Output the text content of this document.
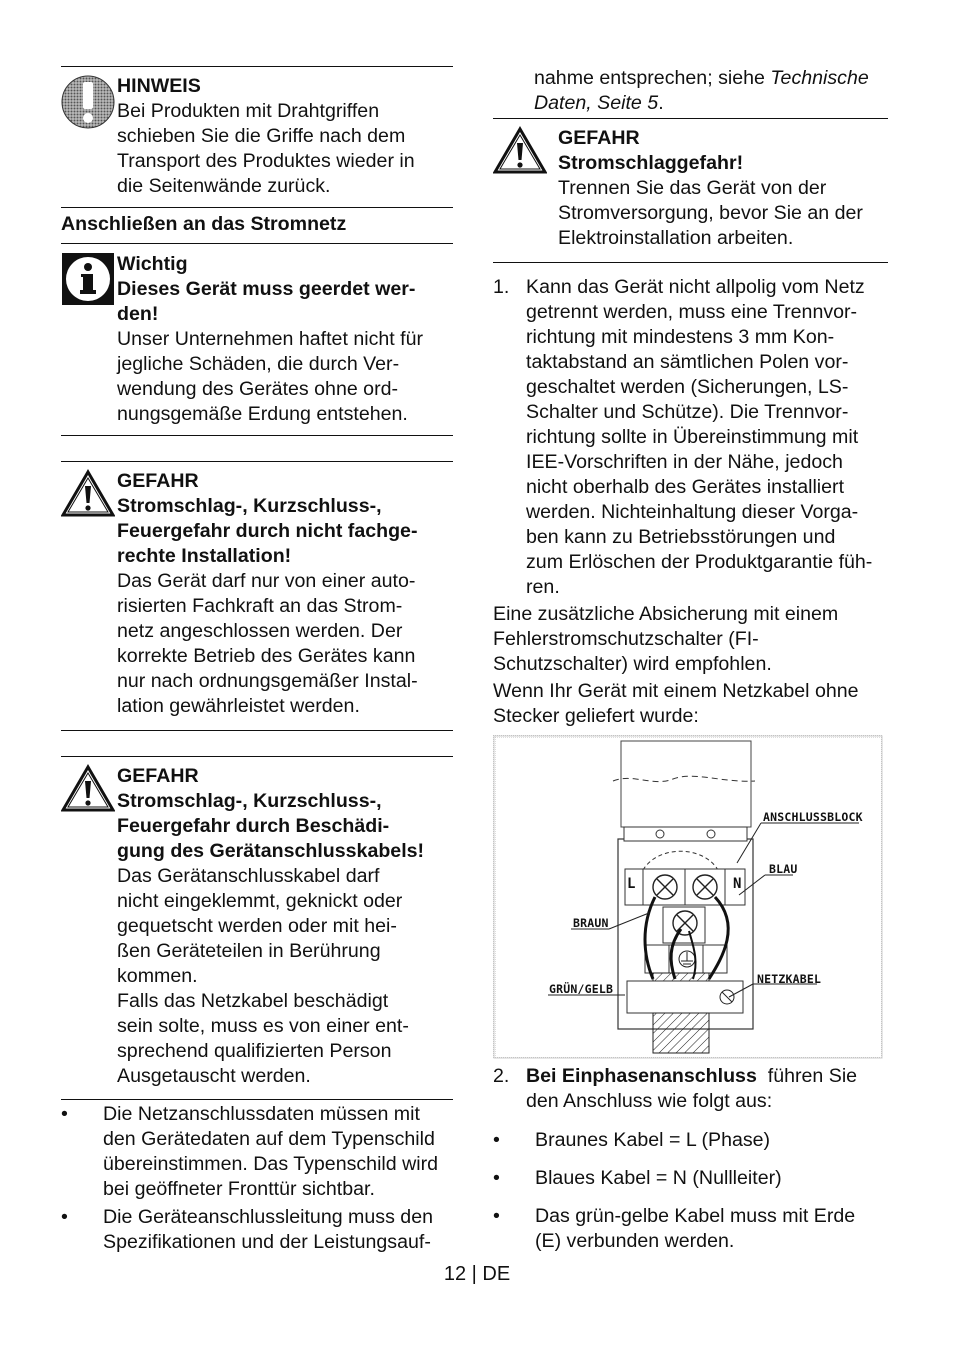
HINWEIS

Bei Produkten mit Drahtgriffen

schieben Sie die Griffe nach dem

Transport des Produktes wieder in

die Seitenwände zurück.

Anschließen an das Stromnetz

Wichtig

Dieses Gerät muss geerdet wer-

den!

Unser Unternehmen haftet nicht für

jegliche Schäden, die durch Ver-

wendung des Gerätes ohne ord-

nungsgemäße Erdung entstehen.

GEFAHR

Stromschlag-, Kurzschluss-,

Feuergefahr durch nicht fachge-

rechte Installation!

Das Gerät darf nur von einer auto-

risierten Fachkraft an das Strom-

netz angeschlossen werden. Der

korrekte Betrieb des Gerätes kann

nur nach ordnungsgemäßer Instal-

lation gewährleistet werden.

GEFAHR

Stromschlag-, Kurzschluss-,

Feuergefahr durch Beschädi-

gung des Gerätanschlusskabels!

Das Gerätanschlusskabel darf

nicht eingeklemmt, geknickt oder

gequetscht werden oder mit hei-

ßen Geräteteilen in Berührung

kommen.

Falls das Netzkabel beschädigt

sein solte, muss es von einer ent-

sprechend qualifizierten Person

Ausgetauscht werden.

•	Die Netzanschlussdaten müssen mit

den Gerätedaten auf dem Typenschild

übereinstimmen. Das Typenschild wird

bei geöffneter Fronttür sichtbar.

•	Die Geräteanschlussleitung muss den

Spezifikationen und der Leistungsauf-

nahme entsprechen; siehe Technische

Daten, Seite 5.

GEFAHR

Stromschlaggefahr!

Trennen Sie das Gerät von der

Stromversorgung, bevor Sie an der

Elektroinstallation arbeiten.

1. Kann das Gerät nicht allpolig vom Netz

getrennt werden, muss eine Trennvor-

richtung mit mindestens 3 mm Kon-

taktabstand an sämtlichen Polen vor-

geschaltet werden (Sicherungen, LS-

Schalter und Schütze). Die Trennvor-

richtung sollte in Übereinstimmung mit

IEE-Vorschriften in der Nähe, jedoch

nicht oberhalb des Gerätes installiert

werden. Nichteinhaltung dieser Vorga-

ben kann zu Betriebsstörungen und

zum Erlöschen der Produktgarantie füh-

ren.

Eine zusätzliche Absicherung mit einem

Fehlerstromschutzschalter (FI-

Schutzschalter) wird empfohlen.

Wenn Ihr Gerät mit einem Netzkabel ohne

Stecker geliefert wurde:

L	N
ANSCHLUSSBLOCK
BLAU
BRAUN
NETZKABEL
GRÜN/GELB
2. Bei Einphasenanschluss  führen Sie

den Anschluss wie folgt aus:

•	Braunes Kabel = L (Phase)

•	Blaues Kabel = N (Nullleiter)

•	Das grün-gelbe Kabel muss mit Erde

(E) verbunden werden.

12 | DE
